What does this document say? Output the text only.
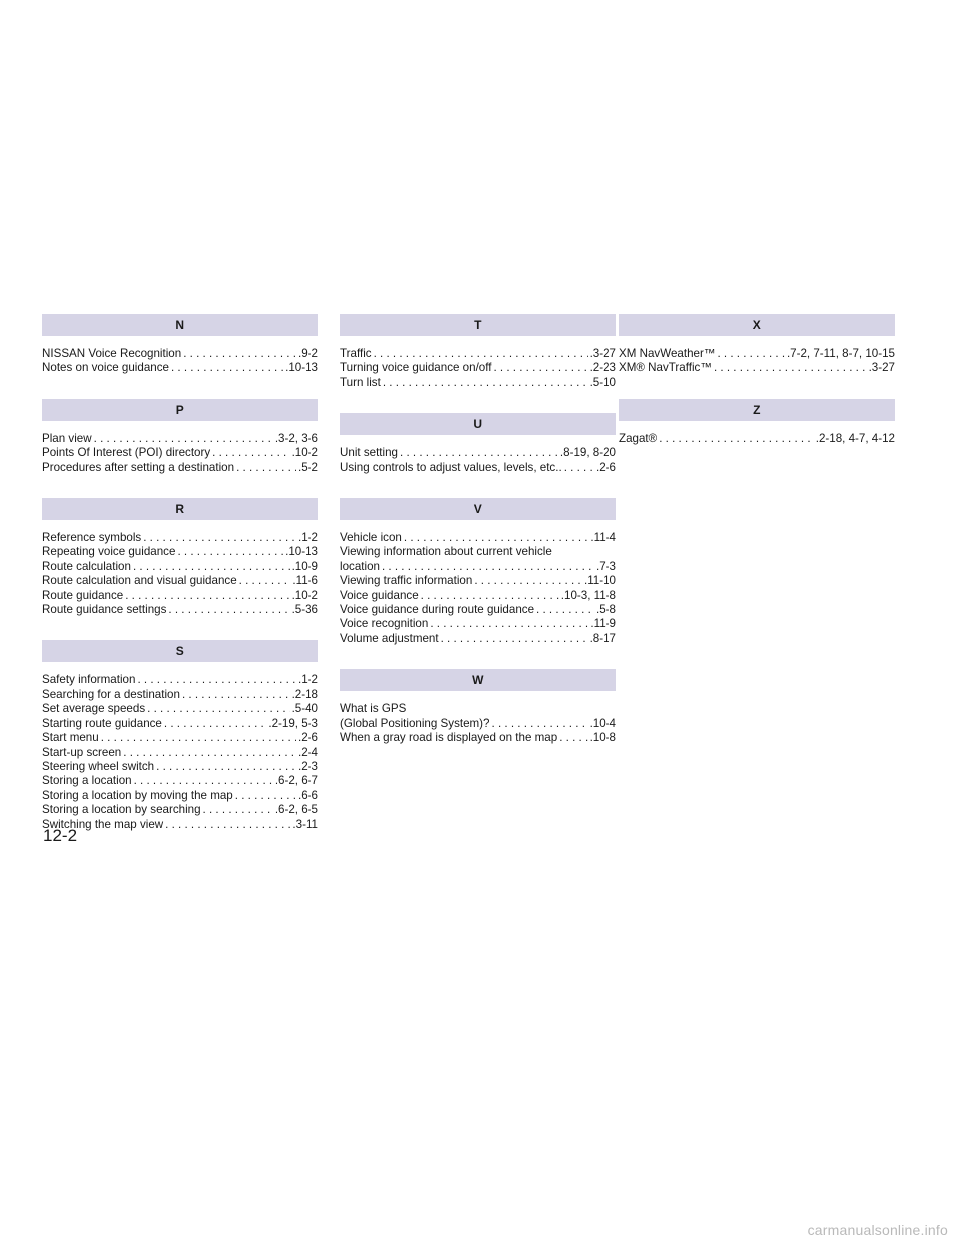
N
NISSAN Voice Recognition . . .	.9-2
Notes on voice guidance . . .	.10-13
P
Plan view . . .	.3-2, 3-6
Points Of Interest (POI) directory . . .	.10-2
Procedures after setting a destination . . .	.5-2
R
Reference symbols . . .	.1-2
Repeating voice guidance . . .	.10-13
Route calculation . . .	.10-9
Route calculation and visual guidance . . .	.11-6
Route guidance . . .	.10-2
Route guidance settings . . .	.5-36
S
Safety information . . .	.1-2
Searching for a destination . . .	.2-18
Set average speeds . . .	.5-40
Starting route guidance . . .	.2-19, 5-3
Start menu . . .	.2-6
Start-up screen . . .	.2-4
Steering wheel switch . . .	.2-3
Storing a location . . .	.6-2, 6-7
Storing a location by moving the map . . .	.6-6
Storing a location by searching . . .	.6-2, 6-5
Switching the map view . . .	.3-11
T
Traffic . . .	.3-27
Turning voice guidance on/off . . .	.2-23
Turn list . . .	.5-10
U
Unit setting . . .	.8-19, 8-20
Using controls to adjust values, levels, etc.. . . .	.2-6
V
Vehicle icon . . .	.11-4
Viewing information about current vehicle
location . . .	.7-3
Viewing traffic information . . .	.11-10
Voice guidance . . .	.10-3, 11-8
Voice guidance during route guidance . . .	.5-8
Voice recognition . . .	.11-9
Volume adjustment . . .	.8-17
W
What is GPS
(Global Positioning System)? . . .	.10-4
When a gray road is displayed on the map . . .	.10-8
X
XM NavWeather™ . . .	.7-2, 7-11, 8-7, 10-15
XM® NavTraffic™ . . .	.3-27
Z
Zagat® . . .	.2-18, 4-7, 4-12
12-2
carmanualsonline.info
